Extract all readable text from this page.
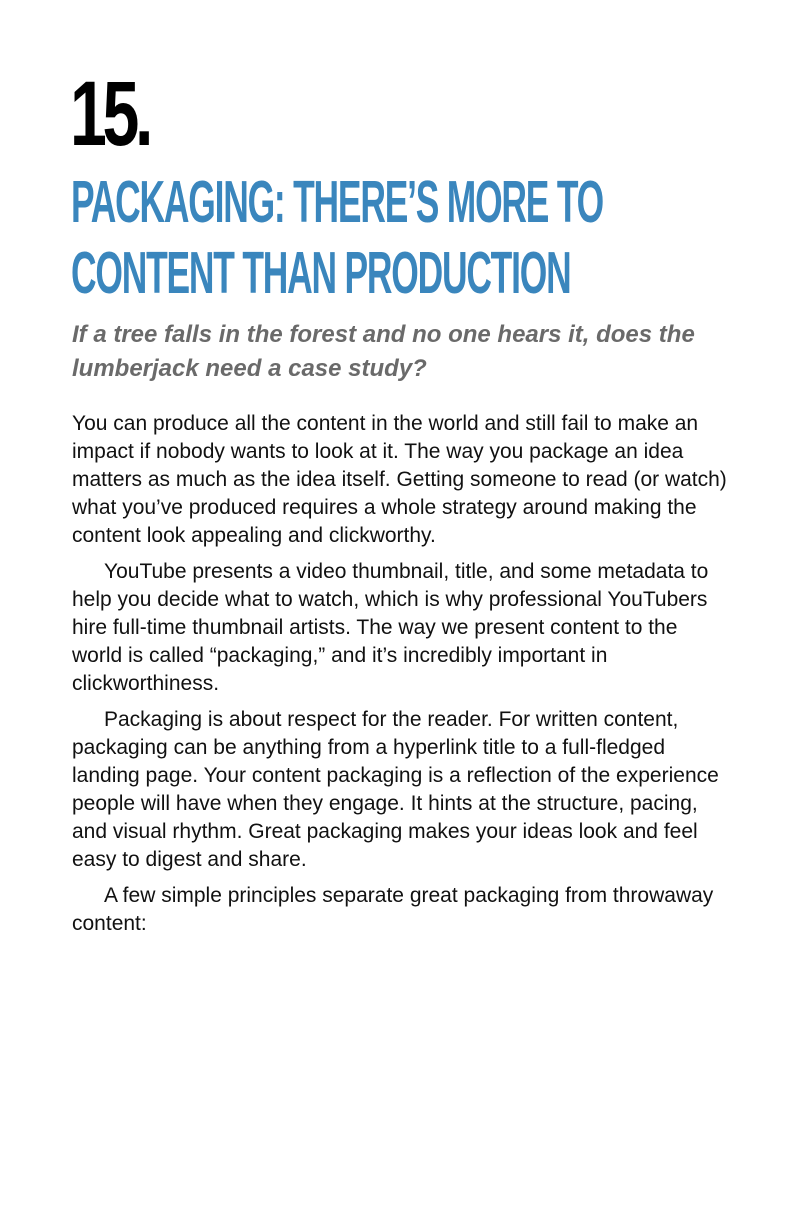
15.
PACKAGING: THERE’S MORE TO
CONTENT THAN PRODUCTION

If a tree falls in the forest and no one hears it, does the lumberjack need a case study?

You can produce all the content in the world and still fail to make an impact if nobody wants to look at it. The way you package an idea matters as much as the idea itself. Getting someone to read (or watch) what you’ve produced requires a whole strategy around making the content look appealing and clickworthy.

YouTube presents a video thumbnail, title, and some metadata to help you decide what to watch, which is why professional YouTubers hire full-time thumbnail artists. The way we present content to the world is called “packaging,” and it’s incredibly important in clickworthiness.

Packaging is about respect for the reader. For written content, packaging can be anything from a hyperlink title to a full-fledged landing page. Your content packaging is a reflection of the experience people will have when they engage. It hints at the structure, pacing, and visual rhythm. Great packaging makes your ideas look and feel easy to digest and share.

A few simple principles separate great packaging from throwaway content:
